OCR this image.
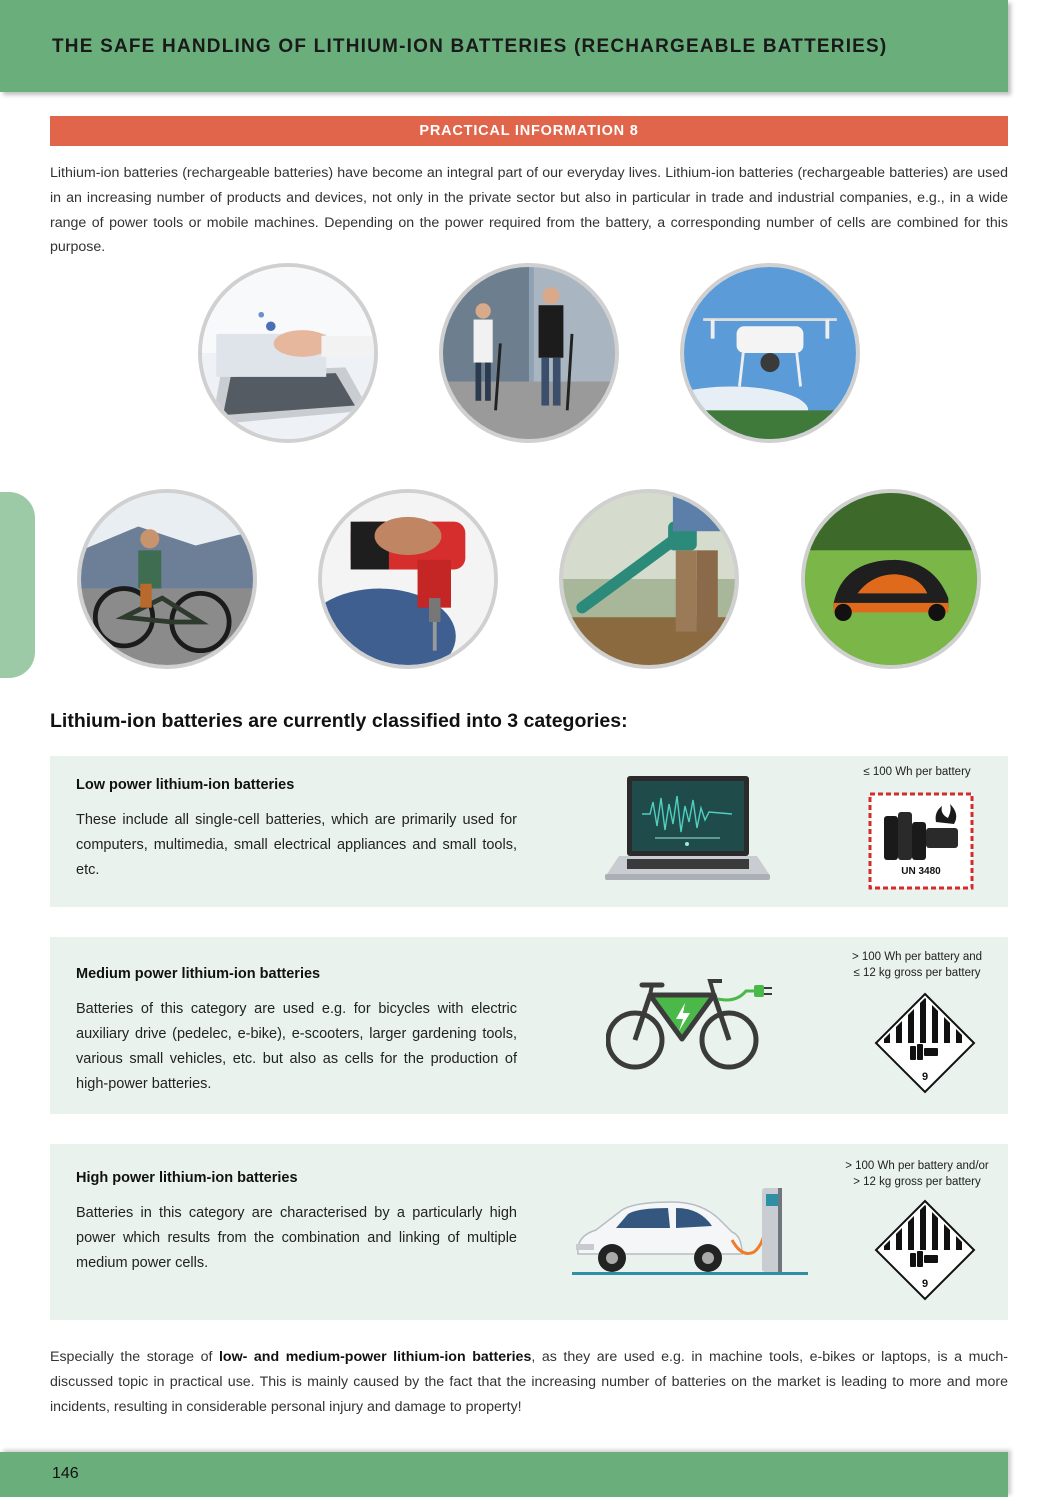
THE SAFE HANDLING OF LITHIUM-ION BATTERIES (RECHARGEABLE BATTERIES)
PRACTICAL INFORMATION 8

Lithium-ion batteries (rechargeable batteries) have become an integral part of our everyday lives. Lithium-ion batteries (rechargeable batteries) are used in an increasing number of products and devices, not only in the private sector but also in particular in trade and industrial companies, e.g., in a wide range of power tools or mobile machines. Depending on the power required from the battery, a corresponding number of cells are combined for this purpose.

Lithium-ion batteries are currently classified into 3 categories:
Low power lithium-ion batteries

These include all single-cell batteries, which are primarily used for computers, multimedia, small electrical appliances and small tools, etc.

≤ 100 Wh per battery
UN 3480
Medium power lithium-ion batteries

Batteries of this category are used e.g. for bicycles with electric auxiliary drive (pedelec, e-bike), e-scooters, larger gardening tools, various small vehicles, etc. but also as cells for the production of high-power batteries.

> 100 Wh per battery and
≤ 12 kg gross per battery
9
High power lithium-ion batteries

Batteries in this category are characterised by a particularly high power which results from the combination and linking of multiple medium power cells.

> 100 Wh per battery and/or
> 12 kg gross per battery
9

Especially the storage of low- and medium-power lithium-ion batteries, as they are used e.g. in machine tools, e-bikes or laptops, is a much-discussed topic in practical use. This is mainly caused by the fact that the increasing number of batteries on the market is leading to more and more incidents, resulting in considerable personal injury and damage to property!

146
